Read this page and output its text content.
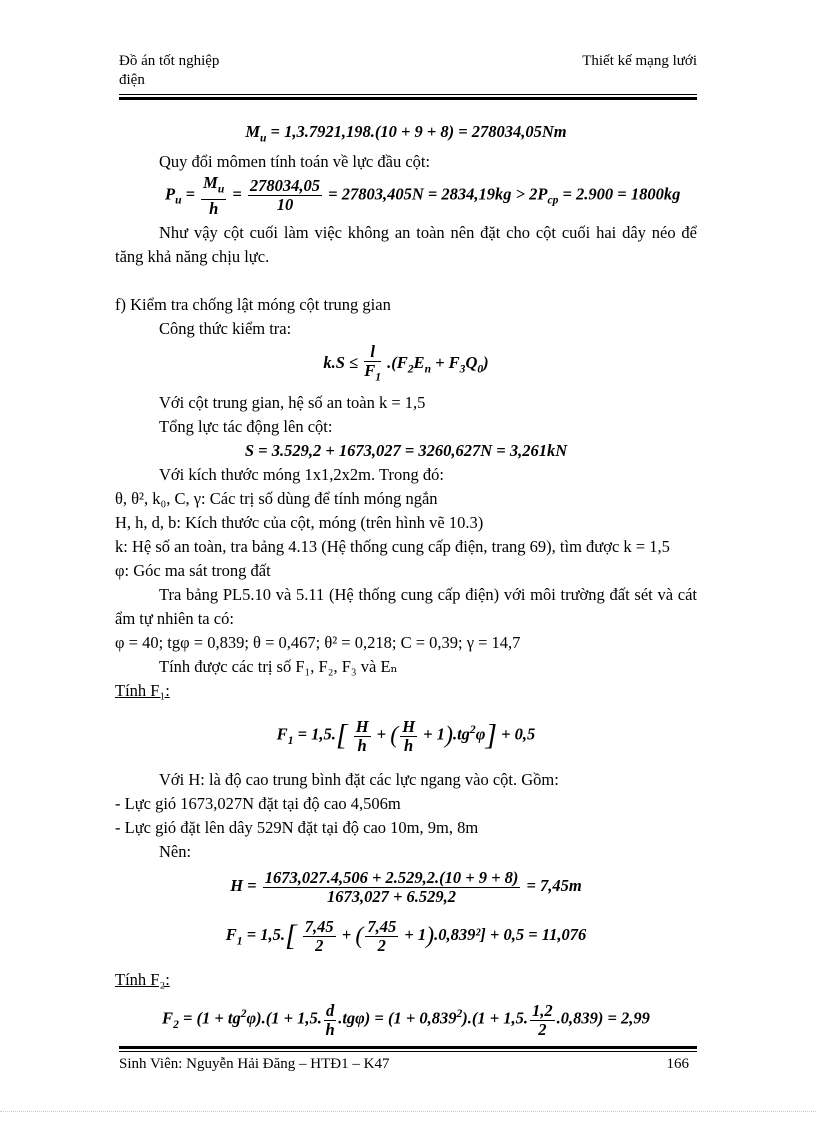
Đồ án tốt nghiệp
điện
Thiết kế mạng lưới

$M_u = 1,3.7921,198.(10 + 9 + 8) = 278034,05Nm$

Quy đổi mômen tính toán về lực đầu cột:

$P_u = \frac{M_u}{h} = \frac{278034,05}{10} = 27803,405N = 2834,19kg > 2P_{cp} = 2.900 = 1800kg$

Như vậy cột cuối làm việc không an toàn nên đặt cho cột cuối hai dây néo để tăng khả năng chịu lực.

f) Kiểm tra chống lật móng cột trung gian

Công thức kiểm tra:

$k.S \le \frac{l}{F_1} .(F_2E_n + F_3Q_0)$

Với cột trung gian, hệ số an toàn k = 1,5

Tổng lực tác động lên cột:

S = 3.529,2 + 1673,027 = 3260,627N = 3,261kN

Với kích thước móng 1x1,2x2m. Trong đó:

θ, θ², k₀, C, γ: Các trị số dùng để tính móng ngắn

H, h, d, b: Kích thước của cột, móng (trên hình vẽ 10.3)

k: Hệ số an toàn, tra bảng 4.13 (Hệ thống cung cấp điện, trang 69), tìm được k = 1,5

φ: Góc ma sát trong đất

Tra bảng PL5.10 và 5.11 (Hệ thống cung cấp điện) với môi trường đất sét và cát ẩm tự nhiên ta có:

φ = 40; tgφ = 0,839; θ = 0,467; θ² = 0,218; C = 0,39; γ = 14,7

Tính được các trị số F₁, F₂, F₃ và Eₙ

Tính F₁:

$F_1 = 1,5.[ \frac{H}{h}$ + ( $\frac{H}{h} + 1).tg^2\varphi] + 0,5$

Với H: là độ cao trung bình đặt các lực ngang vào cột. Gồm:

- Lực gió 1673,027N đặt tại độ cao 4,506m

- Lực gió đặt lên dây 529N đặt tại độ cao 10m, 9m, 8m

Nên:

$H = \frac{1673,027.4,506 + 2.529,2.(10 + 9 + 8)}{1673,027 + 6.529,2} = 7,45m$

$F_1 = 1,5.[ \frac{7,45}{2}$ + ( $\frac{7,45}{2} + 1).0,839^2] + 0,5 = 11,076$

Tính F₂:

$F_2 = (1 + tg^2\varphi).(1 + 1,5$. $\frac{d}{h} .tg\varphi) = (1 + 0,839^2).(1 + 1,5$. $\frac{1,2}{2} .0,839) = 2,99$

Sinh Viên: Nguyễn Hải Đăng – HTĐ1 – K47	166
